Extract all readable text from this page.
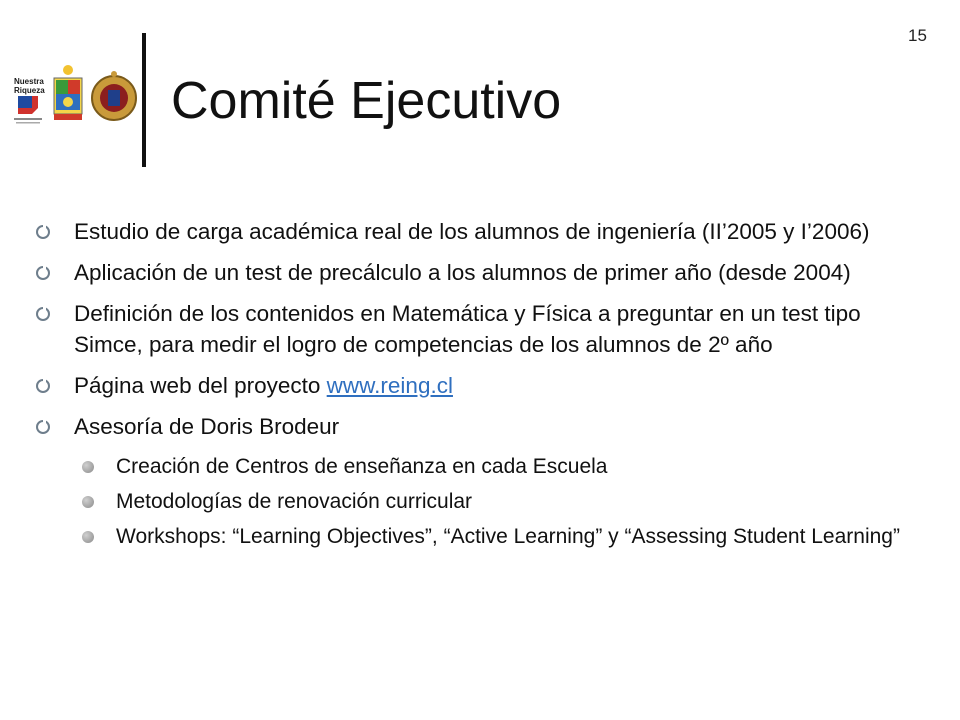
15
Nuestra
Riqueza Comité Ejecutivo
Estudio de carga académica real de los alumnos de ingeniería (II’2005 y I’2006)
Aplicación de un test de precálculo a los alumnos de primer año (desde 2004)
Definición de los contenidos en Matemática y Física a preguntar en un test tipo Simce, para medir el logro de competencias de los alumnos de 2º año
Página web del proyecto www.reing.cl
Asesoría de Doris Brodeur
Creación de Centros de enseñanza en cada Escuela
Metodologías de renovación curricular
Workshops: “Learning Objectives”, “Active Learning” y “Assessing Student Learning”
